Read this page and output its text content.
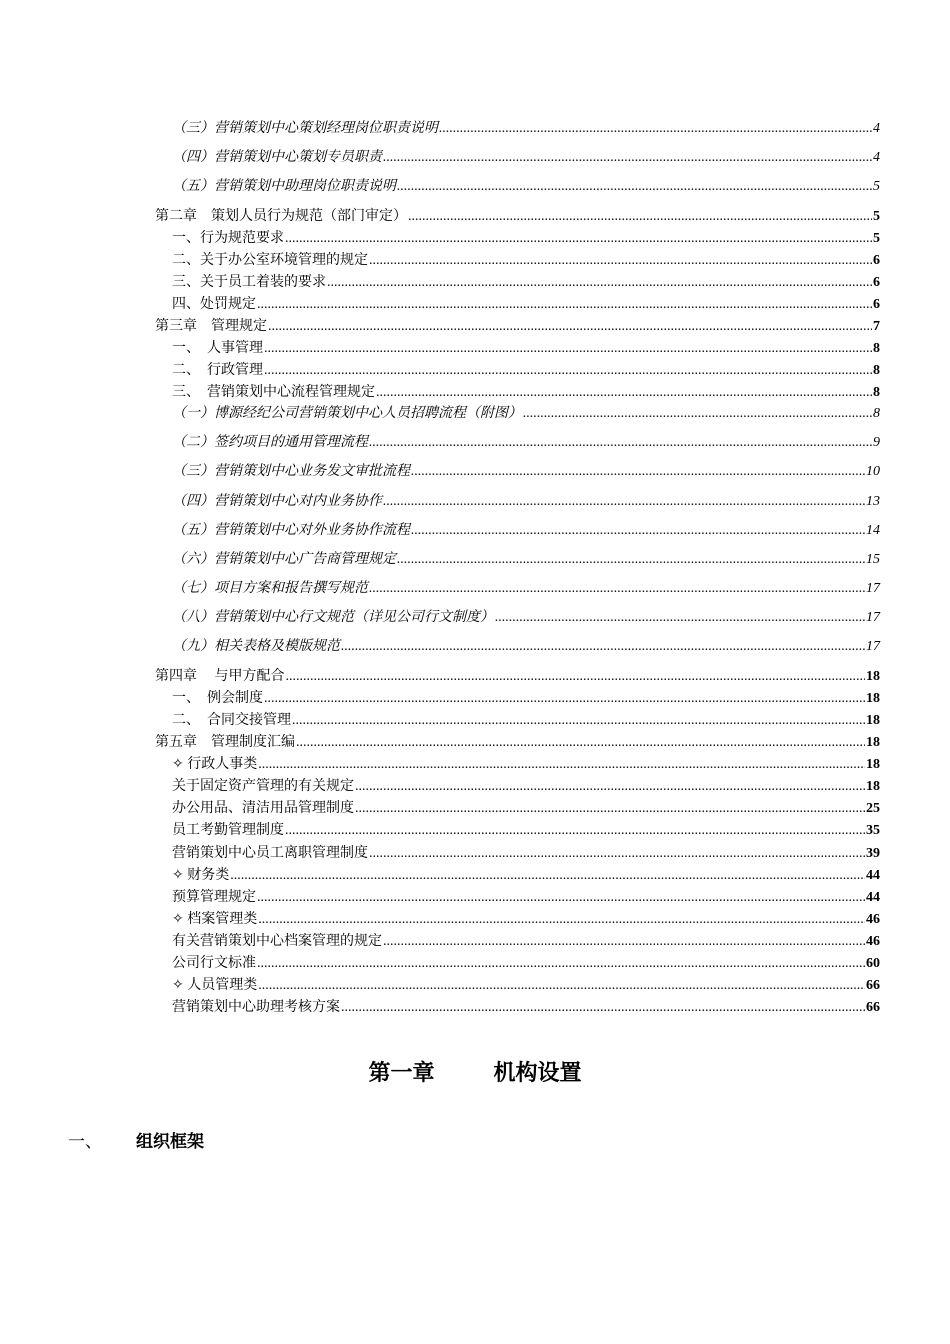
（三）营销策划中心策划经理岗位职责说明 .....	4
（四）营销策划中心策划专员职责 .....	4
（五）营销策划中助理岗位职责说明 .....	5
第二章　策划人员行为规范（部门审定） .....	5
一、行为规范要求 .....	5
二、关于办公室环境管理的规定 .....	6
三、关于员工着装的要求 .....	6
四、处罚规定 .....	6
第三章　管理规定 .....	7
一、　人事管理 .....	8
二、　行政管理 .....	8
三、　营销策划中心流程管理规定 .....	8
（一）博源经纪公司营销策划中心人员招聘流程（附图） .....	8
（二）签约项目的通用管理流程 .....	9
（三）营销策划中心业务发文审批流程 .....	10
（四）营销策划中心对内业务协作 .....	13
（五）营销策划中心对外业务协作流程 .....	14
（六）营销策划中心广告商管理规定 .....	15
（七）项目方案和报告撰写规范 .....	17
（八）营销策划中心行文规范（详见公司行文制度） .....	17
（九）相关表格及模版规范 .....	17
第四章　 与甲方配合 .....	18
一、　例会制度 .....	18
二、　合同交接管理 .....	18
第五章　管理制度汇编 .....	18
✧ 行政人事类 .....	18
关于固定资产管理的有关规定 .....	18
办公用品、清洁用品管理制度 .....	25
员工考勤管理制度 .....	35
营销策划中心员工离职管理制度 .....	39
✧ 财务类 .....	44
预算管理规定 .....	44
✧ 档案管理类 .....	46
有关营销策划中心档案管理的规定 .....	46
公司行文标准 .....	60
✧ 人员管理类 .....	66
营销策划中心助理考核方案 .....	66
第一章	机构设置
一、 组织框架
